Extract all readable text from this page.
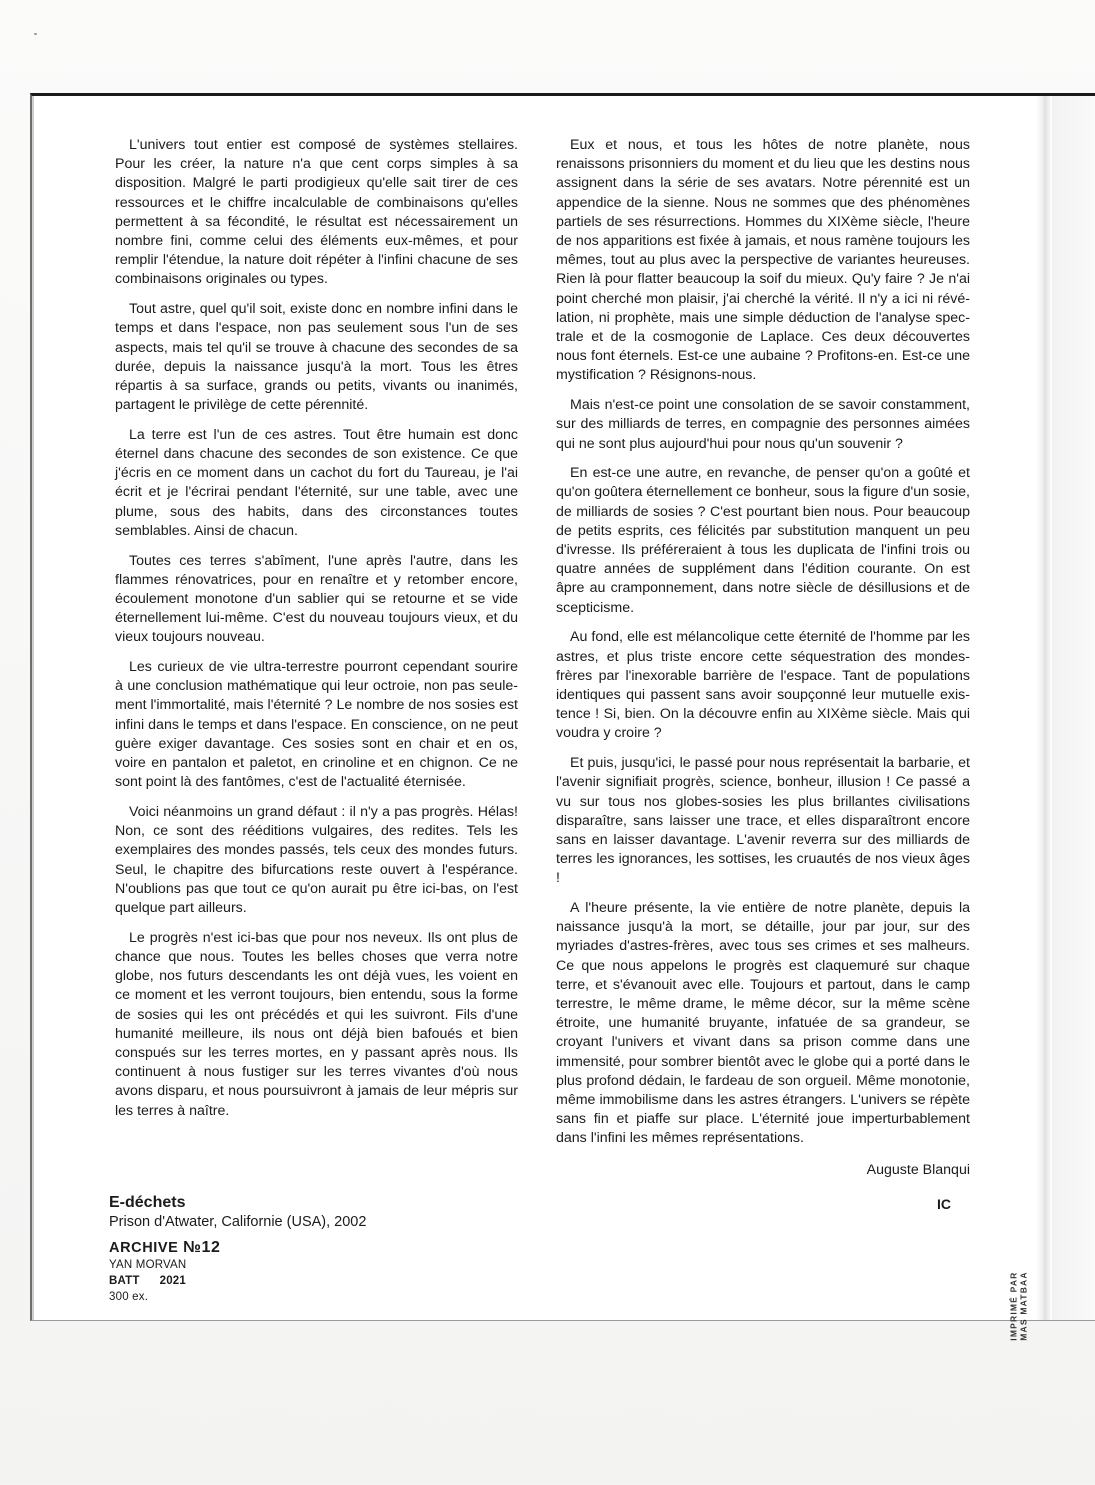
L'univers tout entier est composé de systèmes stellaires. Pour les créer, la nature n'a que cent corps simples à sa disposition. Malgré le parti prodigieux qu'elle sait tirer de ces ressources et le chiffre incalculable de combinaisons qu'elles permettent à sa fécondité, le résultat est nécessairement un nombre fini, comme celui des éléments eux-mêmes, et pour remplir l'étendue, la nature doit répéter à l'infini chacune de ses combinaisons originales ou types.

Tout astre, quel qu'il soit, existe donc en nombre infini dans le temps et dans l'espace, non pas seulement sous l'un de ses aspects, mais tel qu'il se trouve à chacune des secondes de sa durée, depuis la naissance jusqu'à la mort. Tous les êtres répartis à sa surface, grands ou petits, vivants ou inanimés, partagent le privilège de cette pérennité.

La terre est l'un de ces astres. Tout être humain est donc éternel dans chacune des secondes de son existence. Ce que j'écris en ce moment dans un cachot du fort du Taureau, je l'ai écrit et je l'écrirai pendant l'éternité, sur une table, avec une plume, sous des habits, dans des circonstances toutes semblables. Ainsi de chacun.

Toutes ces terres s'abîment, l'une après l'autre, dans les flammes rénovatrices, pour en renaître et y retomber encore, écoulement monotone d'un sablier qui se retourne et se vide éternellement lui-même. C'est du nouveau toujours vieux, et du vieux toujours nouveau.

Les curieux de vie ultra-terrestre pourront cependant sourire à une conclusion mathématique qui leur octroie, non pas seulement l'immortalité, mais l'éternité ? Le nombre de nos sosies est infini dans le temps et dans l'espace. En conscience, on ne peut guère exiger davantage. Ces sosies sont en chair et en os, voire en pantalon et paletot, en crinoline et en chignon. Ce ne sont point là des fantômes, c'est de l'actualité éternisée.

Voici néanmoins un grand défaut : il n'y a pas progrès. Hélas! Non, ce sont des rééditions vulgaires, des redites. Tels les exemplaires des mondes passés, tels ceux des mondes futurs. Seul, le chapitre des bifurcations reste ouvert à l'espérance. N'oublions pas que tout ce qu'on aurait pu être ici-bas, on l'est quelque part ailleurs.

Le progrès n'est ici-bas que pour nos neveux. Ils ont plus de chance que nous. Toutes les belles choses que verra notre globe, nos futurs descendants les ont déjà vues, les voient en ce moment et les verront toujours, bien entendu, sous la forme de sosies qui les ont précédés et qui les suivront. Fils d'une humanité meilleure, ils nous ont déjà bien bafoués et bien conspués sur les terres mortes, en y passant après nous. Ils continuent à nous fustiger sur les terres vivantes d'où nous avons disparu, et nous poursuivront à jamais de leur mépris sur les terres à naître.

Eux et nous, et tous les hôtes de notre planète, nous renaissons prisonniers du moment et du lieu que les destins nous assignent dans la série de ses avatars. Notre pérennité est un appendice de la sienne. Nous ne sommes que des phénomènes partiels de ses résurrections. Hommes du XIXème siècle, l'heure de nos apparitions est fixée à jamais, et nous ramène toujours les mêmes, tout au plus avec la perspective de variantes heureuses. Rien là pour flatter beaucoup la soif du mieux. Qu'y faire ? Je n'ai point cherché mon plaisir, j'ai cherché la vérité. Il n'y a ici ni révélation, ni prophète, mais une simple déduction de l'analyse spectrale et de la cosmogonie de Laplace. Ces deux découvertes nous font éternels. Est-ce une aubaine ? Profitons-en. Est-ce une mystification ? Résignons-nous.

Mais n'est-ce point une consolation de se savoir constamment, sur des milliards de terres, en compagnie des personnes aimées qui ne sont plus aujourd'hui pour nous qu'un souvenir ?

En est-ce une autre, en revanche, de penser qu'on a goûté et qu'on goûtera éternellement ce bonheur, sous la figure d'un sosie, de milliards de sosies ? C'est pourtant bien nous. Pour beaucoup de petits esprits, ces félicités par substitution manquent un peu d'ivresse. Ils préféreraient à tous les duplicata de l'infini trois ou quatre années de supplément dans l'édition courante. On est âpre au cramponnement, dans notre siècle de désillusions et de scepticisme.

Au fond, elle est mélancolique cette éternité de l'homme par les astres, et plus triste encore cette séquestration des mondes-frères par l'inexorable barrière de l'espace. Tant de populations identiques qui passent sans avoir soupçonné leur mutuelle existence ! Si, bien. On la découvre enfin au XIXème siècle. Mais qui voudra y croire ?

Et puis, jusqu'ici, le passé pour nous représentait la barbarie, et l'avenir signifiait progrès, science, bonheur, illusion ! Ce passé a vu sur tous nos globes-sosies les plus brillantes civilisations disparaître, sans laisser une trace, et elles disparaîtront encore sans en laisser davantage. L'avenir reverra sur des milliards de terres les ignorances, les sottises, les cruautés de nos vieux âges !

A l'heure présente, la vie entière de notre planète, depuis la naissance jusqu'à la mort, se détaille, jour par jour, sur des myriades d'astres-frères, avec tous ses crimes et ses malheurs. Ce que nous appelons le progrès est claquemuré sur chaque terre, et s'évanouit avec elle. Toujours et partout, dans le camp terrestre, le même drame, le même décor, sur la même scène étroite, une humanité bruyante, infatuée de sa grandeur, se croyant l'univers et vivant dans sa prison comme dans une immensité, pour sombrer bientôt avec le globe qui a porté dans le plus profond dédain, le fardeau de son orgueil. Même monotonie, même immobilisme dans les astres étrangers. L'univers se répète sans fin et piaffe sur place. L'éternité joue imperturbablement dans l'infini les mêmes représentations.

Auguste Blanqui
E-déchets
Prison d'Atwater, Californie (USA), 2002
ARCHIVE №12
YAN MORVAN
BATT 2021
300 ex.
IC
IMPRIMÉ PAR MAS MATBAA
